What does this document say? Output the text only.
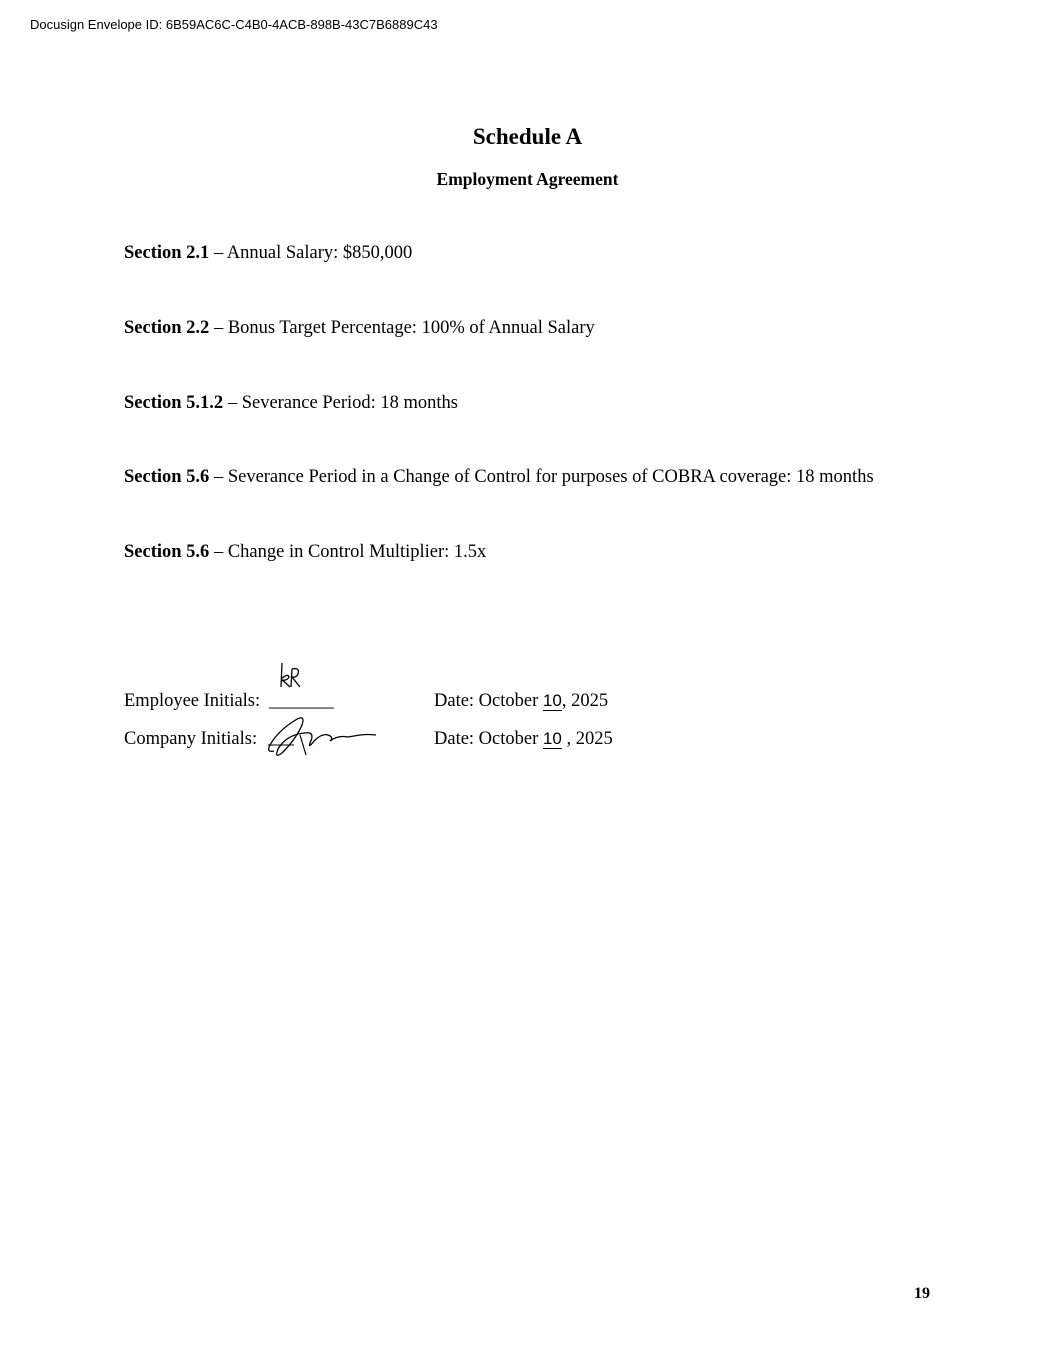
Docusign Envelope ID: 6B59AC6C-C4B0-4ACB-898B-43C7B6889C43
Schedule A
Employment Agreement
Section 2.1 – Annual Salary: $850,000
Section 2.2 – Bonus Target Percentage: 100% of Annual Salary
Section 5.1.2 – Severance Period: 18 months
Section 5.6 – Severance Period in a Change of Control for purposes of COBRA coverage: 18 months
Section 5.6 – Change in Control Multiplier: 1.5x
Employee Initials: _______	Date: October 10, 2025
Company Initials:	Date: October 10 , 2025
19
